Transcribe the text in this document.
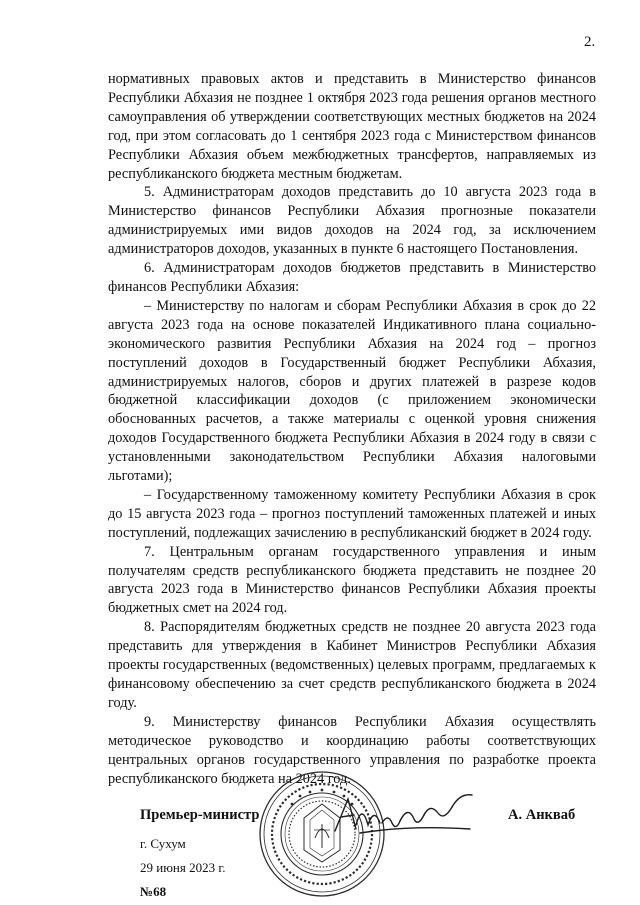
2.

нормативных правовых актов и представить в Министерство финансов Республики Абхазия не позднее 1 октября 2023 года решения органов местного самоуправления об утверждении соответствующих местных бюджетов на 2024 год, при этом согласовать до 1 сентября 2023 года с Министерством финансов Республики Абхазия объем межбюджетных трансфертов, направляемых из республиканского бюджета местным бюджетам.

5. Администраторам доходов представить до 10 августа 2023 года в Министерство финансов Республики Абхазия прогнозные показатели администрируемых ими видов доходов на 2024 год, за исключением администраторов доходов, указанных в пункте 6 настоящего Постановления.

6. Администраторам доходов бюджетов представить в Министерство финансов Республики Абхазия:

– Министерству по налогам и сборам Республики Абхазия в срок до 22 августа 2023 года на основе показателей Индикативного плана социально-экономического развития Республики Абхазия на 2024 год – прогноз поступлений доходов в Государственный бюджет Республики Абхазия, администрируемых налогов, сборов и других платежей в разрезе кодов бюджетной классификации доходов (с приложением экономически обоснованных расчетов, а также материалы с оценкой уровня снижения доходов Государственного бюджета Республики Абхазия в 2024 году в связи с установленными законодательством Республики Абхазия налоговыми льготами);

– Государственному таможенному комитету Республики Абхазия в срок до 15 августа 2023 года – прогноз поступлений таможенных платежей и иных поступлений, подлежащих зачислению в республиканский бюджет в 2024 году.

7. Центральным органам государственного управления и иным получателям средств республиканского бюджета представить не позднее 20 августа 2023 года в Министерство финансов Республики Абхазия проекты бюджетных смет на 2024 год.

8. Распорядителям бюджетных средств не позднее 20 августа 2023 года представить для утверждения в Кабинет Министров Республики Абхазия проекты государственных (ведомственных) целевых программ, предлагаемых к финансовому обеспечению за счет средств республиканского бюджета в 2024 году.

9. Министерству финансов Республики Абхазия осуществлять методическое руководство и координацию работы соответствующих центральных органов государственного управления по разработке проекта республиканского бюджета на 2024 год.

Премьер-министр	А. Анкваб
г. Сухум
29 июня 2023 г.
№68
